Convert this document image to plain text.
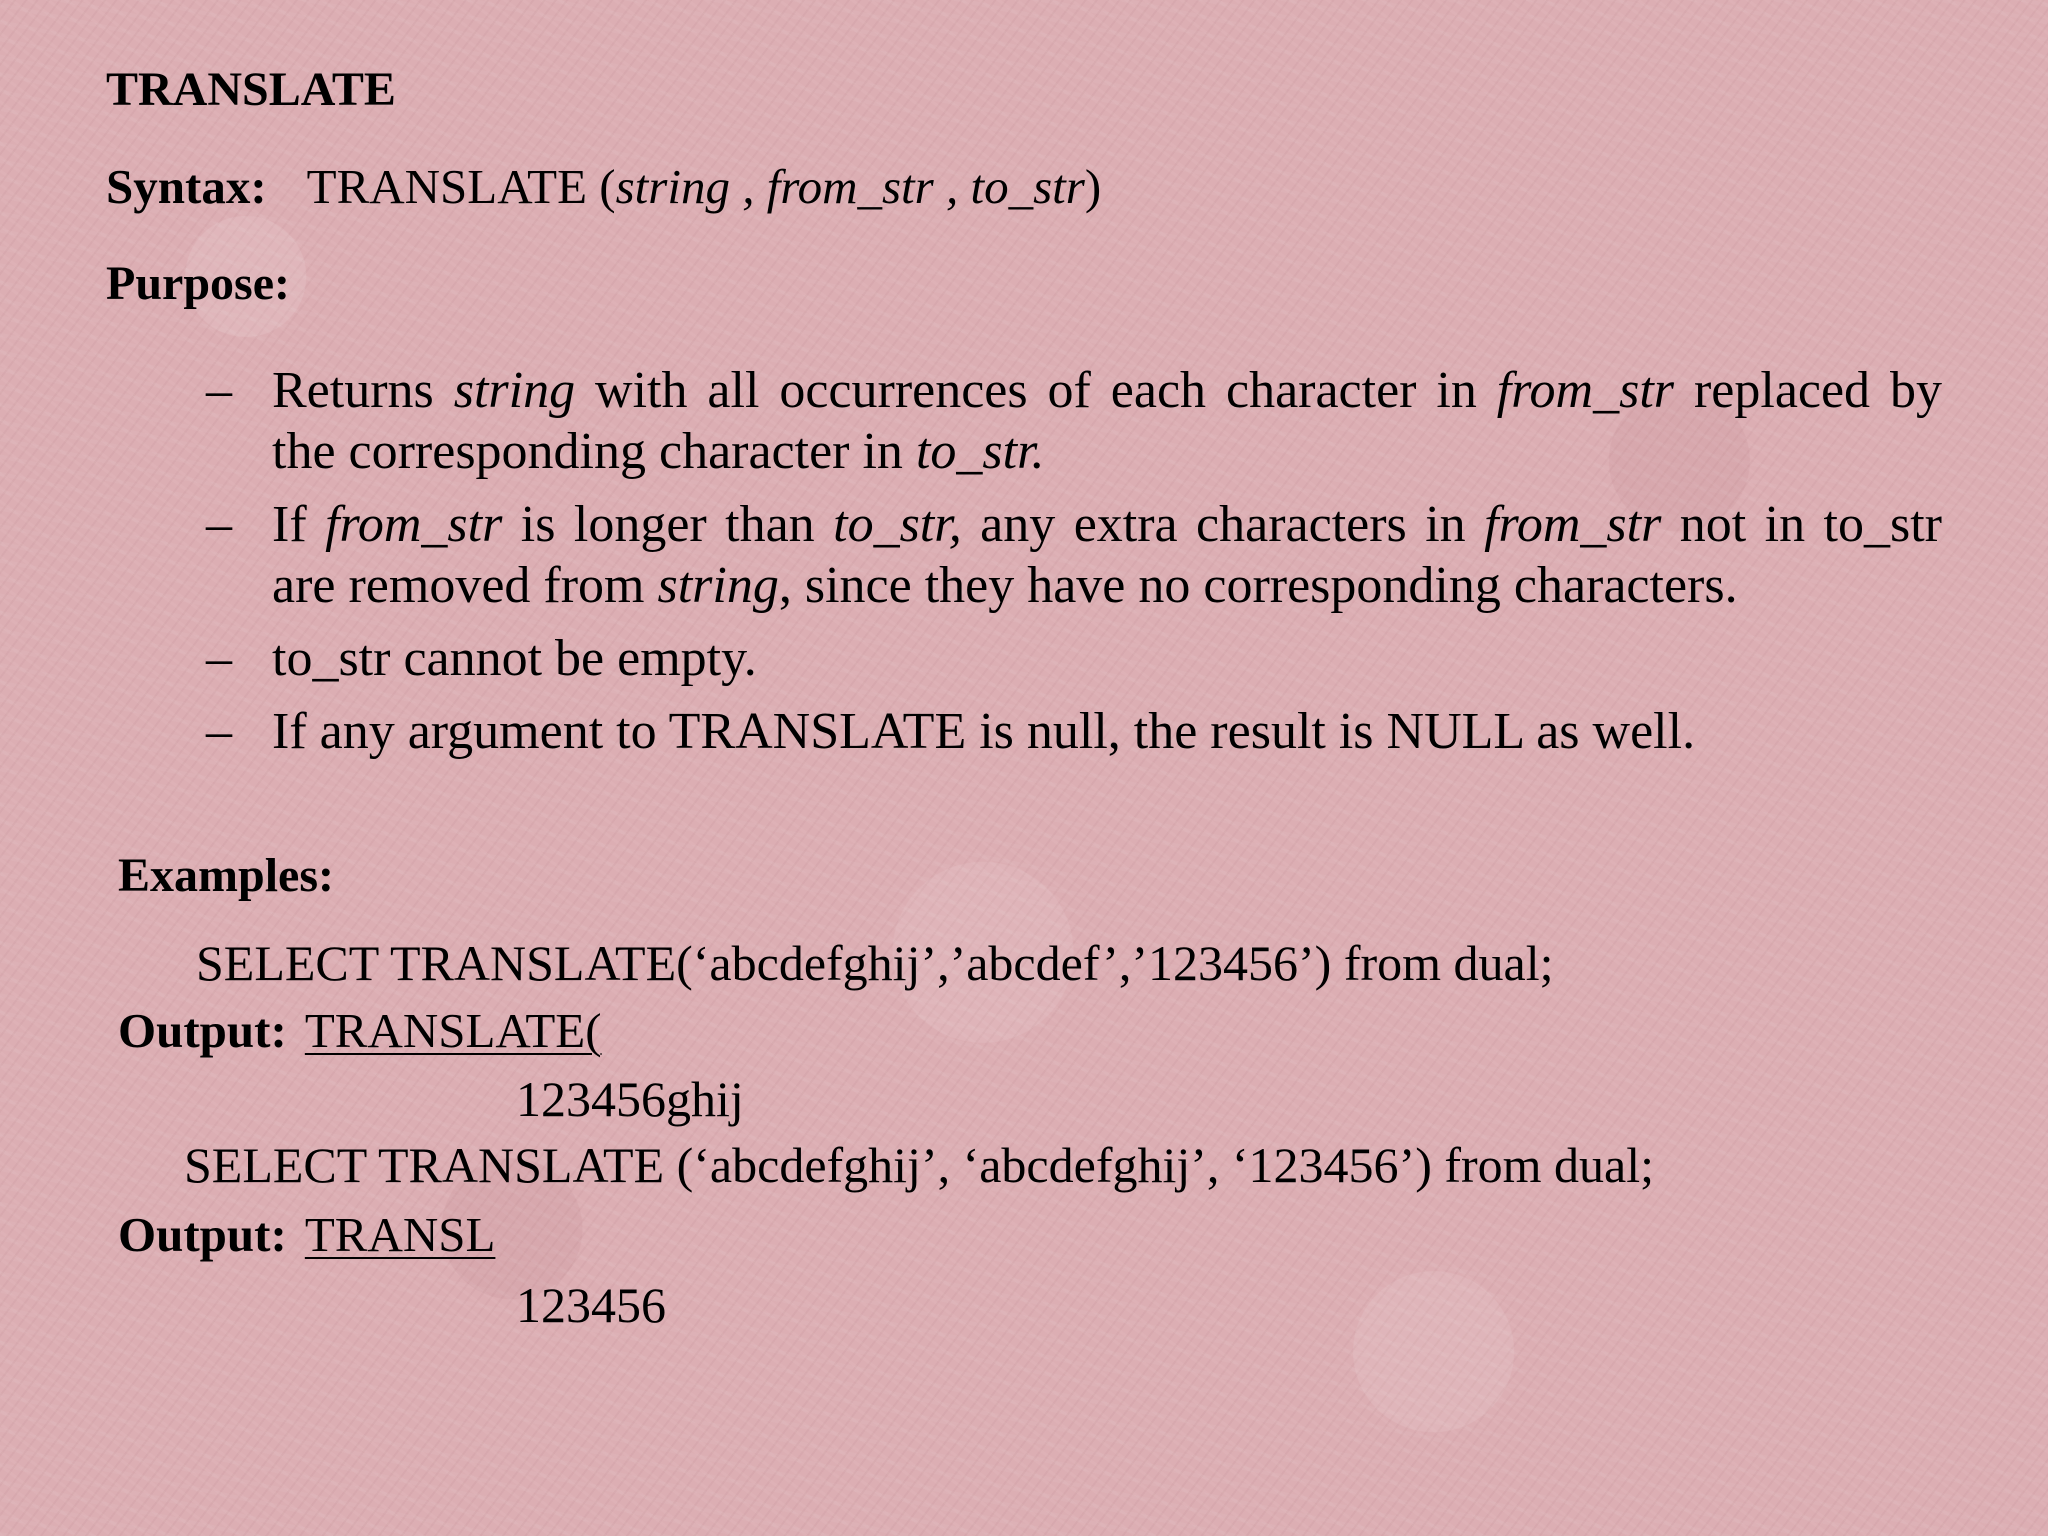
TRANSLATE
Syntax: TRANSLATE (string , from_str , to_str)
Purpose:
– Returns string with all occurrences of each character in from_str replaced by the corresponding character in to_str.
– If from_str is longer than to_str, any extra characters in from_str not in to_str are removed from string, since they have no corresponding characters.
– to_str cannot be empty.
– If any argument to TRANSLATE is null, the result is NULL as well.
Examples:
SELECT TRANSLATE(‘abcdefghij’,’abcdef’,’123456’) from dual;
Output: TRANSLATE(
123456ghij
SELECT TRANSLATE (‘abcdefghij’, ‘abcdefghij’, ‘123456’) from dual;
Output: TRANSL
123456
